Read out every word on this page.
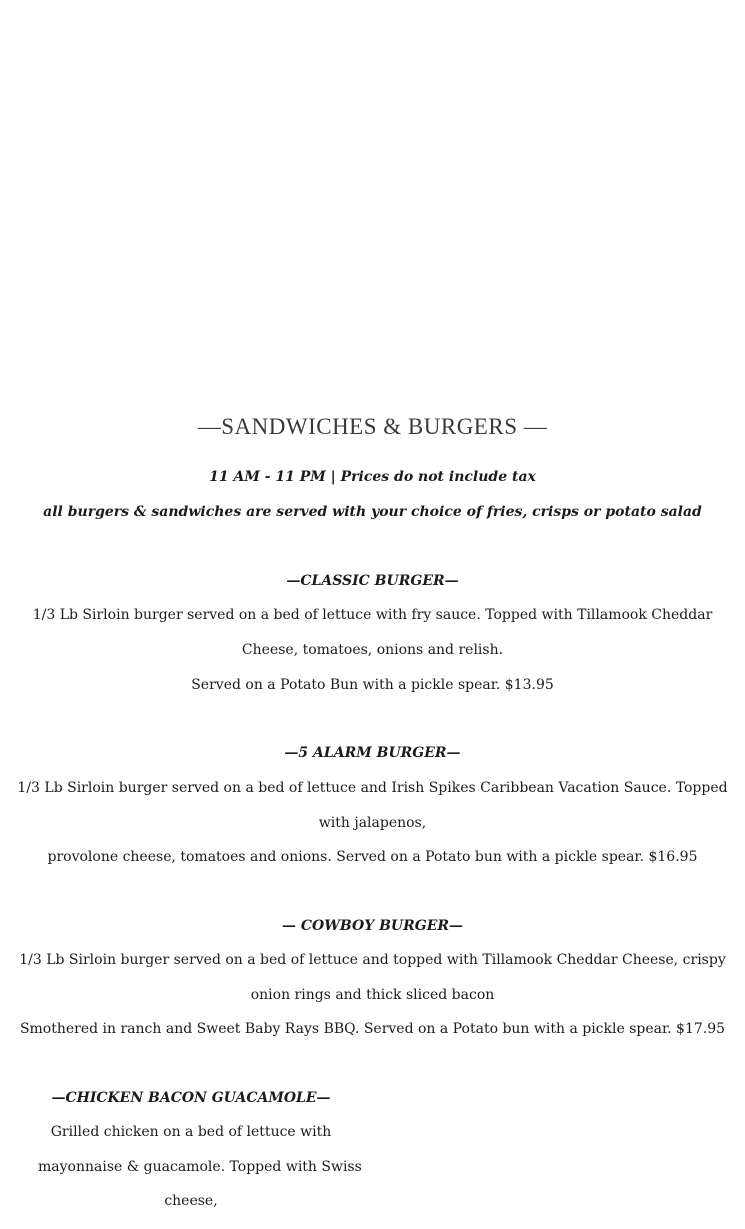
—SANDWICHES & BURGERS —
11 AM - 11 PM | Prices do not include tax
all burgers & sandwiches are served with your choice of fries, crisps or potato salad
—CLASSIC BURGER—
1/3 Lb Sirloin burger served on a bed of lettuce with fry sauce. Topped with Tillamook Cheddar
Cheese, tomatoes, onions and relish.
Served on a Potato Bun with a pickle spear. $13.95
—5 ALARM BURGER—
1/3 Lb Sirloin burger served on a bed of lettuce and Irish Spikes Caribbean Vacation Sauce. Topped
with jalapenos,
provolone cheese, tomatoes and onions. Served on a Potato bun with a pickle spear. $16.95
— COWBOY BURGER—
1/3 Lb Sirloin burger served on a bed of lettuce and topped with Tillamook Cheddar Cheese, crispy
onion rings and thick sliced bacon
Smothered in ranch and Sweet Baby Rays BBQ. Served on a Potato bun with a pickle spear. $17.95
—CHICKEN BACON GUACAMOLE—
Grilled chicken on a bed of lettuce with
mayonnaise & guacamole. Topped with Swiss
cheese,
